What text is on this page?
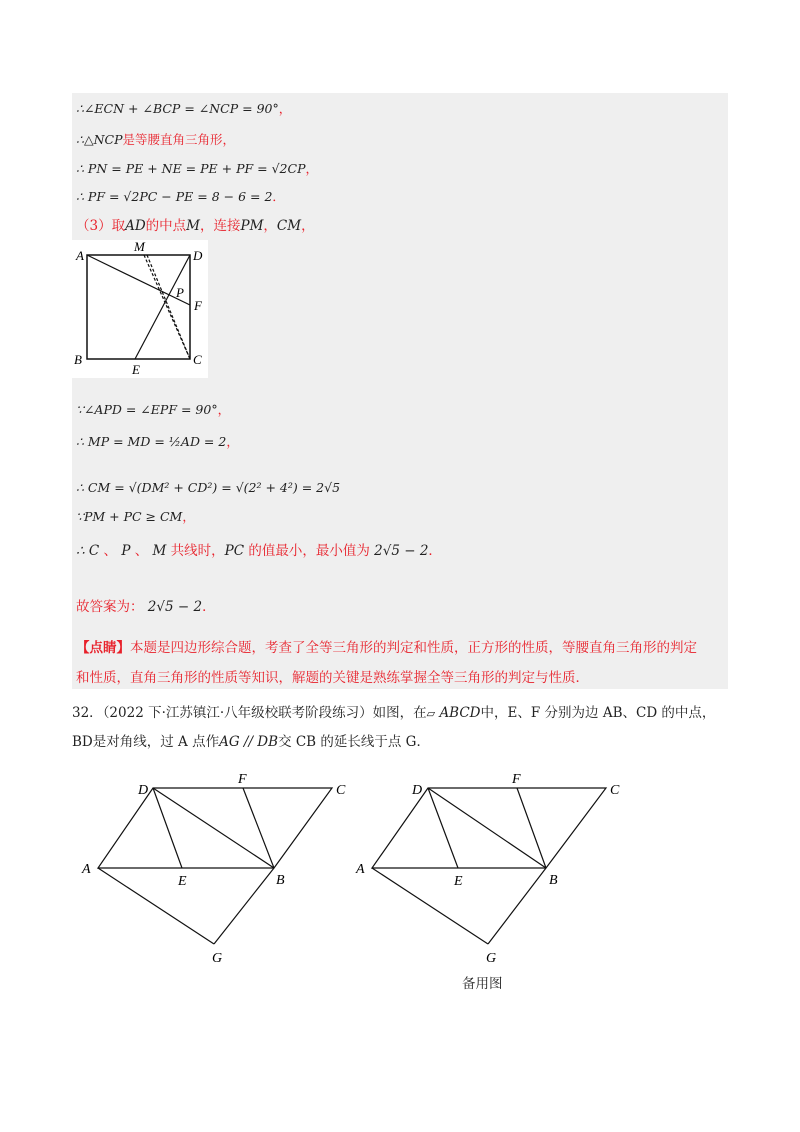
∴∠ECN + ∠BCP = ∠NCP = 90°，
∴△NCP是等腰直角三角形，
∴ PN = PE + NE = PE + PF = √2CP，
∴ PF = √2PC − PE = 8 − 6 = 2．
（3）取AD的中点M，连接PM，CM，
A
M
D
P
F
B
E
C
∵∠APD = ∠EPF = 90°，
∴ MP = MD = ½AD = 2，
∴ CM = √(DM² + CD²) = √(2² + 4²) = 2√5
∵PM + PC ≥ CM，
∴ C 、 P 、 M 共线时，PC 的值最小，最小值为 2√5 − 2．
故答案为： 2√5 − 2．
【点睛】本题是四边形综合题，考查了全等三角形的判定和性质，正方形的性质，等腰直角三角形的判定
和性质，直角三角形的性质等知识，解题的关键是熟练掌握全等三角形的判定与性质．
32．（2022 下·江苏镇江·八年级校联考阶段练习）如图，在▱ ABCD中，E、F 分别为边 AB、CD 的中点，
BD是对角线，过 A 点作AG // DB交 CB 的延长线于点 G．
D
F
C
A
E	B
G
D
F
C
A
E	B
G
备用图
